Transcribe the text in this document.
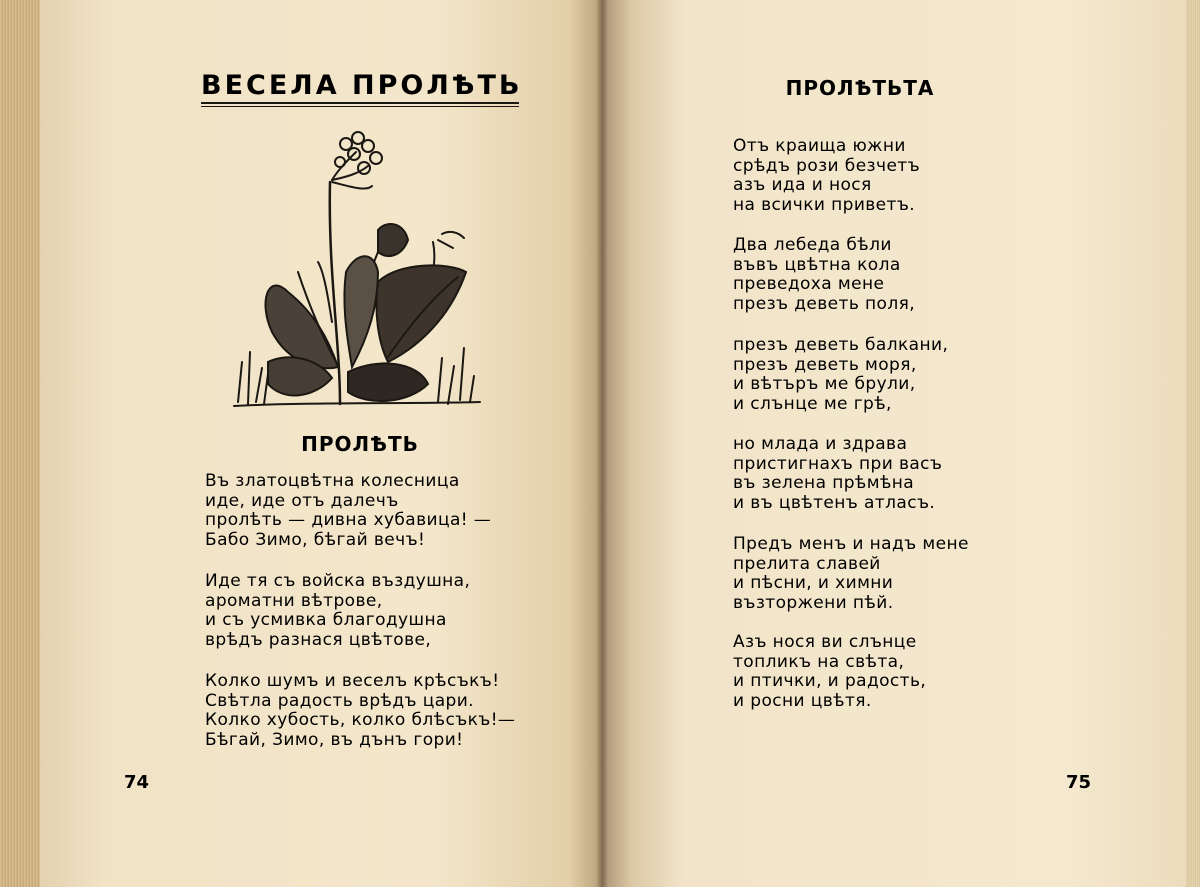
ВЕСЕЛА ПРОЛѢТЬ
ПРОЛѢТЬ
Въ златоцвѣтна колесница
иде, иде отъ далечъ
пролѣть — дивна хубавица! —
Бабо Зимо, бѣгай вечъ!
Иде тя съ войска въздушна,
ароматни вѣтрове,
и съ усмивка благодушна
врѣдъ разнася цвѣтове,
Колко шумъ и веселъ крѣсъкъ!
Свѣтла радость врѣдъ цари.
Колко хубость, колко блѣсъкъ!—
Бѣгай, Зимо, въ дънъ гори!
74
ПРОЛѢТЬТА
Отъ краища южни
срѣдъ рози безчетъ
азъ ида и нося
на всички приветъ.
Два лебеда бѣли
въвъ цвѣтна кола
преведоха мене
презъ деветь поля,
презъ деветь балкани,
презъ деветь моря,
и вѣтъръ ме брули,
и слънце ме грѣ,
но млада и здрава
пристигнахъ при васъ
въ зелена прѣмѣна
и въ цвѣтенъ атласъ.
Предъ менъ и надъ мене
прелита славей
и пѣсни, и химни
възторжени пѣй.
Азъ нося ви слънце
топликъ на свѣта,
и птички, и радость,
и росни цвѣтя.
75
